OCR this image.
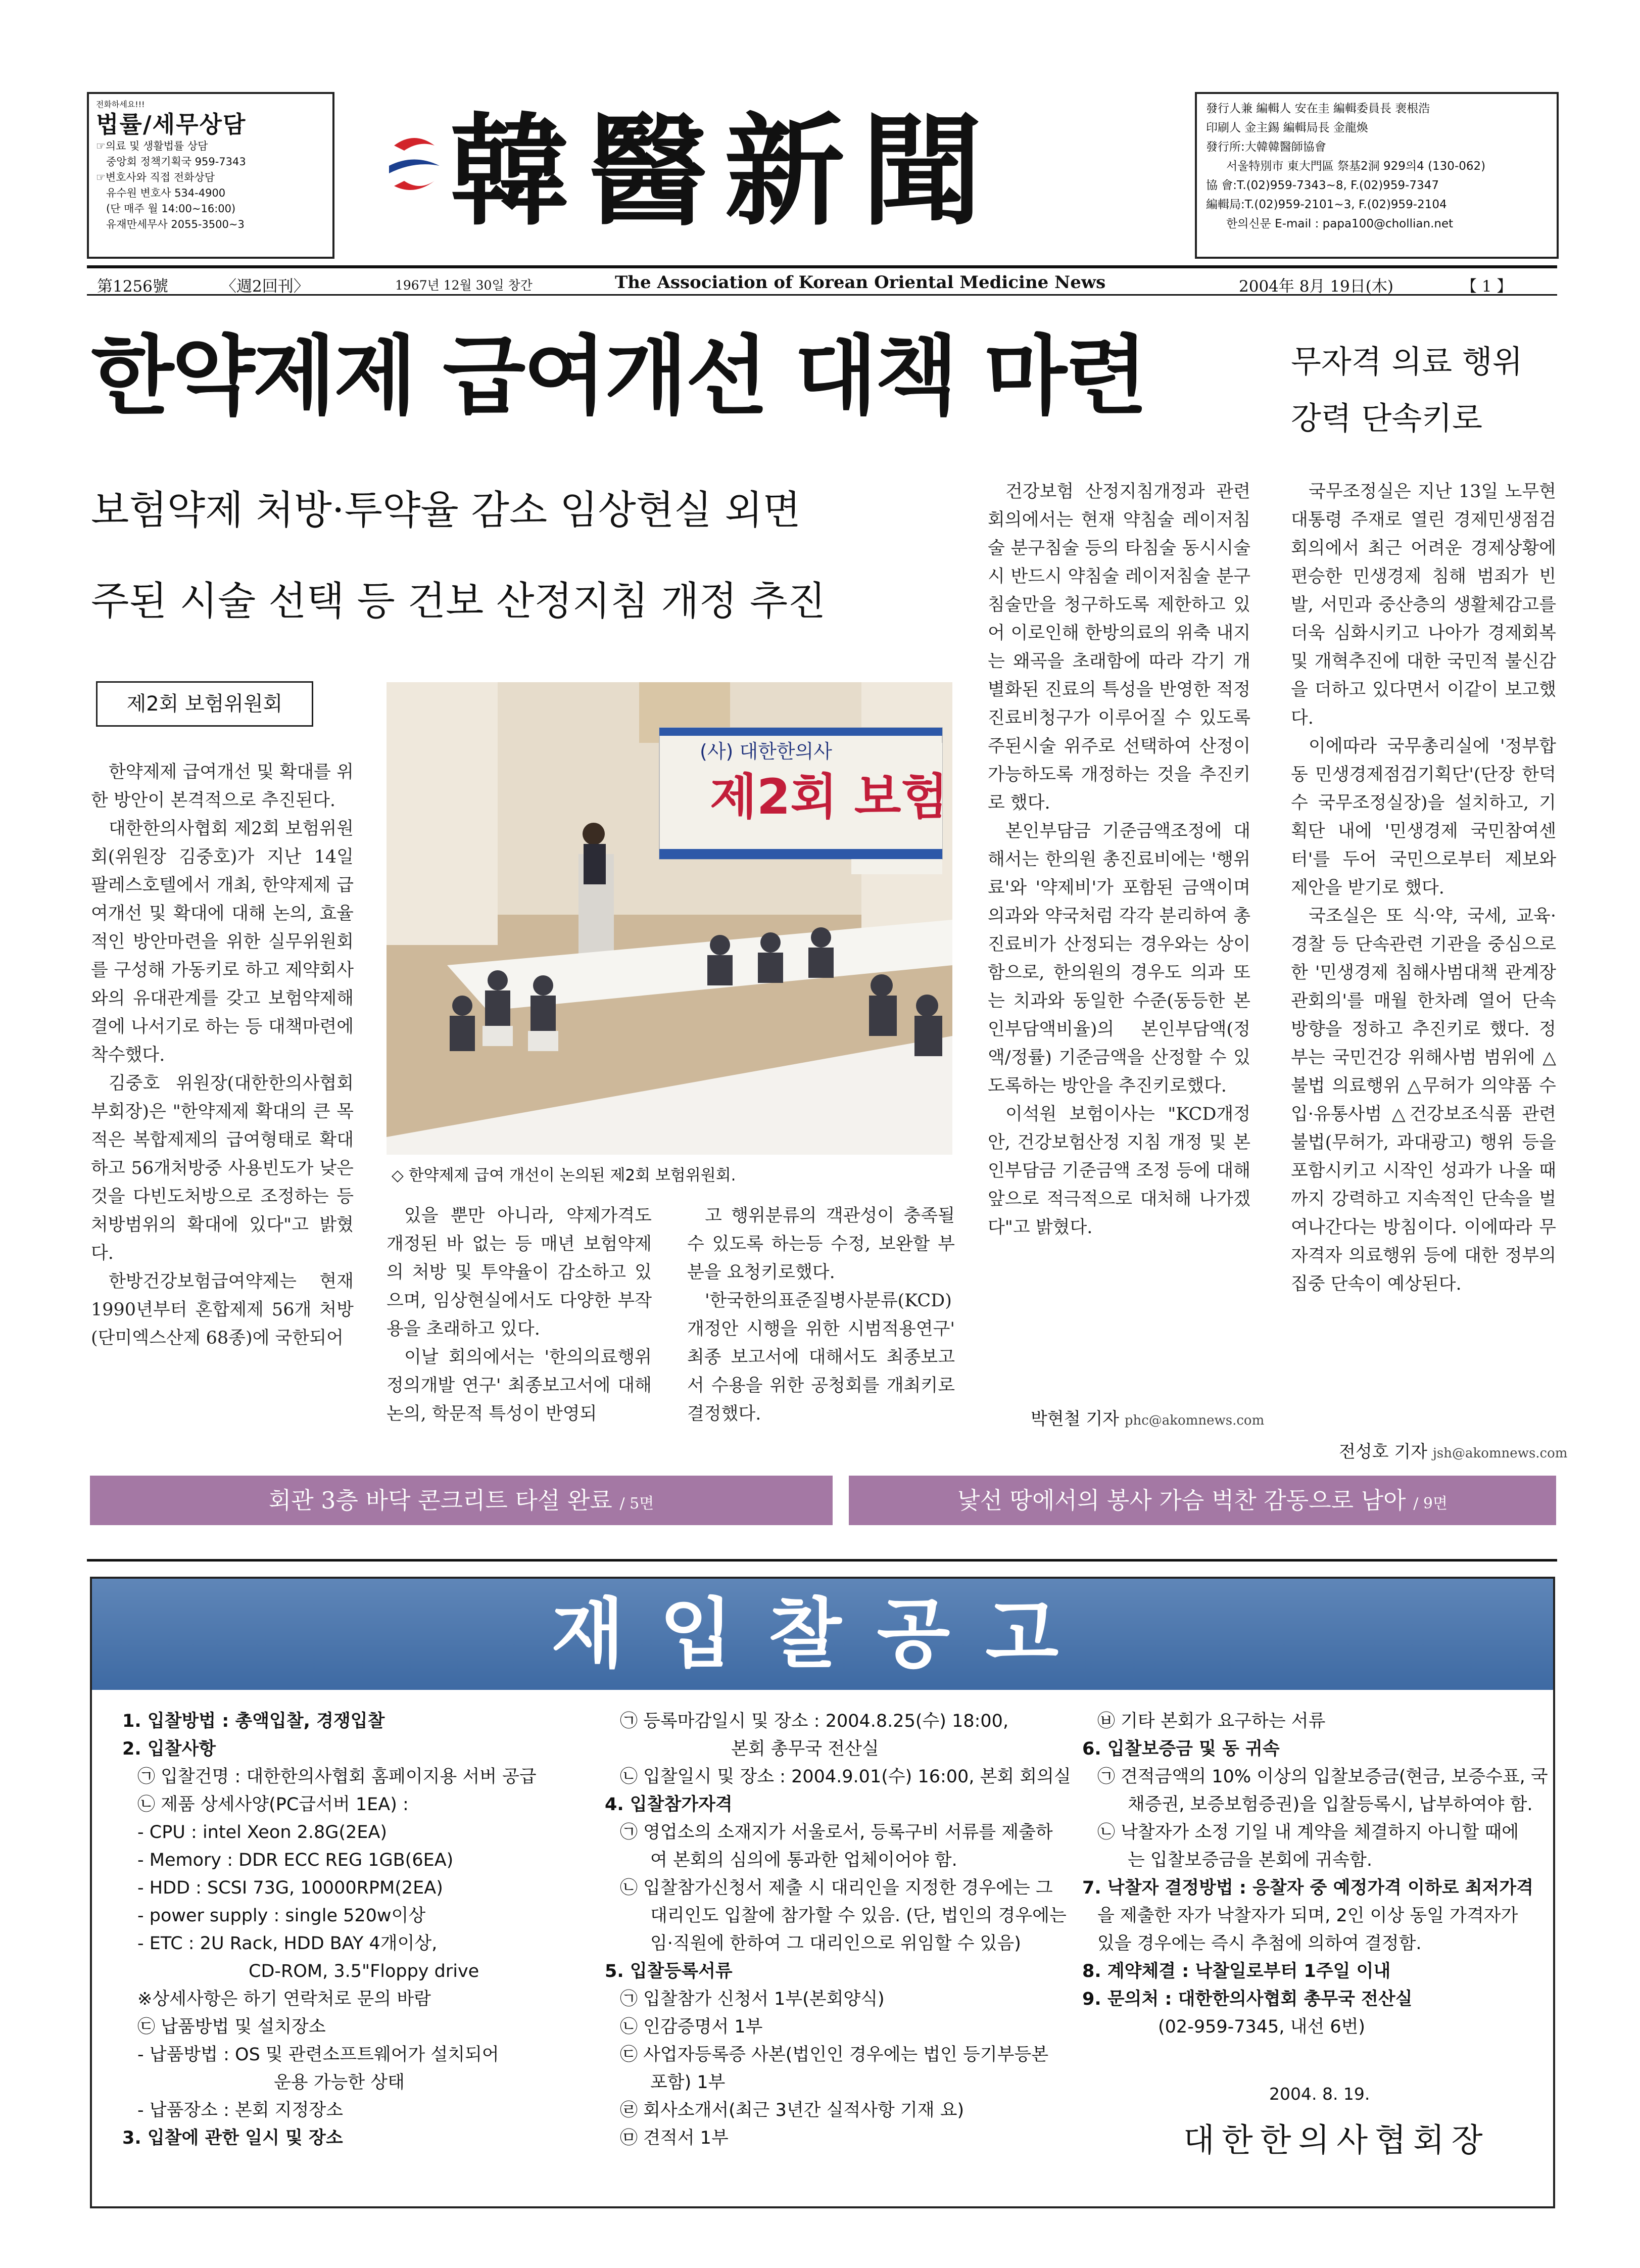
전화하세요!!!
법률/세무상담
☞의료 및 생활법률 상담
중앙회 정책기획국 959-7343
☞변호사와 직접 전화상담
유수원 변호사 534-4900
(단 매주 월 14:00~16:00)
유재만세무사 2055-3500~3	韓醫新聞	發行人兼 編輯人 安在圭 編輯委員長 裵根浩
印刷人 金主錫 編輯局長 金龍煥
發行所:大韓韓醫師協會
서울特別市 東大門區 祭基2洞 929의4 (130-062)
協 會:T.(02)959-7343~8, F.(02)959-7347
編輯局:T.(02)959-2101~3, F.(02)959-2104
한의신문 E-mail : papa100@chollian.net
第1256號	〈週2回刊〉	1967년 12월 30일 창간	The Association of Korean Oriental Medicine News	2004年 8月 19日(木)	【 1 】
한약제제 급여개선 대책 마련
보험약제 처방·투약율 감소 임상현실 외면
주된 시술 선택 등 건보 산정지침 개정 추진
제2회 보험위원회

한약제제 급여개선 및 확대를 위한 방안이 본격적으로 추진된다.

대한한의사협회 제2회 보험위원회(위원장 김중호)가 지난 14일 팔레스호텔에서 개최, 한약제제 급여개선 및 확대에 대해 논의, 효율적인 방안마련을 위한 실무위원회를 구성해 가동키로 하고 제약회사와의 유대관계를 갖고 보험약제해결에 나서기로 하는 등 대책마련에 착수했다.

김중호 위원장(대한한의사협회 부회장)은 "한약제제 확대의 큰 목적은 복합제제의 급여형태로 확대하고 56개처방중 사용빈도가 낮은 것을 다빈도처방으로 조정하는 등 처방범위의 확대에 있다"고 밝혔다.

한방건강보험급여약제는 현재 1990년부터 혼합제제 56개 처방(단미엑스산제 68종)에 국한되어

(사) 대한한의사
제2회 보험
◇ 한약제제 급여 개선이 논의된 제2회 보험위원회.

있을 뿐만 아니라, 약제가격도 개정된 바 없는 등 매년 보험약제의 처방 및 투약율이 감소하고 있으며, 임상현실에서도 다양한 부작용을 초래하고 있다.

이날 회의에서는 '한의의료행위 정의개발 연구' 최종보고서에 대해 논의, 학문적 특성이 반영되

고 행위분류의 객관성이 충족될 수 있도록 하는등 수정, 보완할 부분을 요청키로했다.

'한국한의표준질병사분류(KCD) 개정안 시행을 위한 시범적용연구' 최종 보고서에 대해서도 최종보고서 수용을 위한 공청회를 개최키로 결정했다.

건강보험 산정지침개정과 관련 회의에서는 현재 약침술 레이저침술 분구침술 등의 타침술 동시시술시 반드시 약침술 레이저침술 분구침술만을 청구하도록 제한하고 있어 이로인해 한방의료의 위축 내지는 왜곡을 초래함에 따라 각기 개별화된 진료의 특성을 반영한 적정진료비청구가 이루어질 수 있도록 주된시술 위주로 선택하여 산정이 가능하도록 개정하는 것을 추진키로 했다.

본인부담금 기준금액조정에 대해서는 한의원 총진료비에는 '행위료'와 '약제비'가 포함된 금액이며 의과와 약국처럼 각각 분리하여 총진료비가 산정되는 경우와는 상이함으로, 한의원의 경우도 의과 또는 치과와 동일한 수준(동등한 본인부담액비율)의 본인부담액(정액/정률) 기준금액을 산정할 수 있도록하는 방안을 추진키로했다.

이석원 보험이사는 "KCD개정안, 건강보험산정 지침 개정 및 본인부담금 기준금액 조정 등에 대해 앞으로 적극적으로 대처해 나가겠다"고 밝혔다.

박현철 기자 phc@akomnews.com
무자격 의료 행위
강력 단속키로

국무조정실은 지난 13일 노무현 대통령 주재로 열린 경제민생점검회의에서 최근 어려운 경제상황에 편승한 민생경제 침해 범죄가 빈발, 서민과 중산층의 생활체감고를 더욱 심화시키고 나아가 경제회복 및 개혁추진에 대한 국민적 불신감을 더하고 있다면서 이같이 보고했다.

이에따라 국무총리실에 '정부합동 민생경제점검기획단'(단장 한덕수 국무조정실장)을 설치하고, 기획단 내에 '민생경제 국민참여센터'를 두어 국민으로부터 제보와 제안을 받기로 했다.

국조실은 또 식·약, 국세, 교육·경찰 등 단속관련 기관을 중심으로 한 '민생경제 침해사범대책 관계장관회의'를 매월 한차례 열어 단속 방향을 정하고 추진키로 했다. 정부는 국민건강 위해사범 범위에 △불법 의료행위 △무허가 의약품 수입·유통사범 △건강보조식품 관련 불법(무허가, 과대광고) 행위 등을 포함시키고 시작인 성과가 나올 때까지 강력하고 지속적인 단속을 벌여나간다는 방침이다. 이에따라 무자격자 의료행위 등에 대한 정부의 집중 단속이 예상된다.

전성호 기자 jsh@akomnews.com
회관 3층 바닥 콘크리트 타설 완료 / 5면	낯선 땅에서의 봉사 가슴 벅찬 감동으로 남아 / 9면
재입찰공고
1. 입찰방법 : 총액입찰, 경쟁입찰
2. 입찰사항
㉠ 입찰건명 : 대한한의사협회 홈페이지용 서버 공급
㉡ 제품 상세사양(PC급서버 1EA) :
- CPU : intel Xeon 2.8G(2EA)
- Memory : DDR ECC REG 1GB(6EA)
- HDD : SCSI 73G, 10000RPM(2EA)
- power supply : single 520w이상
- ETC : 2U Rack, HDD BAY 4개이상,
CD-ROM, 3.5"Floppy drive
※상세사항은 하기 연락처로 문의 바람
㉢ 납품방법 및 설치장소
- 납품방법 : OS 및 관련소프트웨어가 설치되어
운용 가능한 상태
- 납품장소 : 본회 지정장소
3. 입찰에 관한 일시 및 장소
㉠ 등록마감일시 및 장소 : 2004.8.25(수) 18:00,
본회 총무국 전산실
㉡ 입찰일시 및 장소 : 2004.9.01(수) 16:00, 본회 회의실
4. 입찰참가자격
㉠ 영업소의 소재지가 서울로서, 등록구비 서류를 제출하
여 본회의 심의에 통과한 업체이어야 함.
㉡ 입찰참가신청서 제출 시 대리인을 지정한 경우에는 그
대리인도 입찰에 참가할 수 있음. (단, 법인의 경우에는
임·직원에 한하여 그 대리인으로 위임할 수 있음)
5. 입찰등록서류
㉠ 입찰참가 신청서 1부(본회양식)
㉡ 인감증명서 1부
㉢ 사업자등록증 사본(법인인 경우에는 법인 등기부등본
포함) 1부
㉣ 회사소개서(최근 3년간 실적사항 기재 요)
㉤ 견적서 1부
㉥ 기타 본회가 요구하는 서류
6. 입찰보증금 및 동 귀속
㉠ 견적금액의 10% 이상의 입찰보증금(현금, 보증수표, 국
채증권, 보증보험증권)을 입찰등록시, 납부하여야 함.
㉡ 낙찰자가 소정 기일 내 계약을 체결하지 아니할 때에
는 입찰보증금을 본회에 귀속함.
7. 낙찰자 결정방법 : 응찰자 중 예정가격 이하로 최저가격
을 제출한 자가 낙찰자가 되며, 2인 이상 동일 가격자가
있을 경우에는 즉시 추첨에 의하여 결정함.
8. 계약체결 : 낙찰일로부터 1주일 이내
9. 문의처 : 대한한의사협회 총무국 전산실
(02-959-7345, 내선 6번)
2004. 8. 19.
대한한의사협회장
